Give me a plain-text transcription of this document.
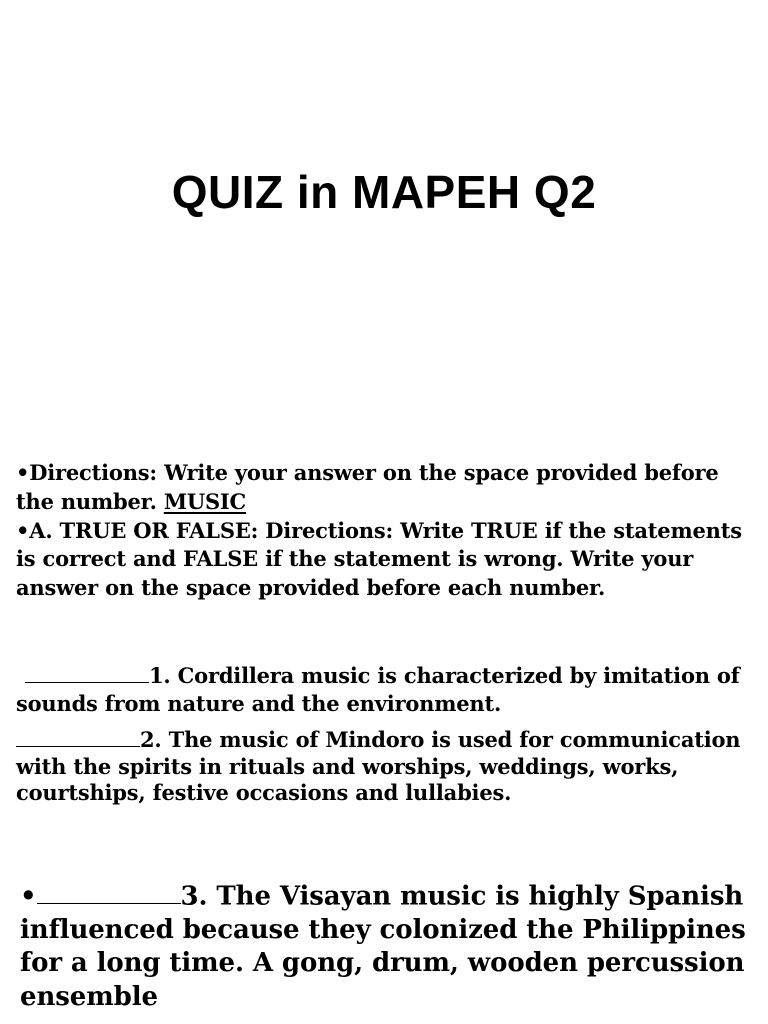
QUIZ in MAPEH Q2

•Directions: Write your answer on the space provided before the number. MUSIC

•A. TRUE OR FALSE: Directions: Write TRUE if the statements is correct and FALSE if the statement is wrong. Write your answer on the space provided before each number.

1. Cordillera music is characterized by imitation of sounds from nature and the environment.

2. The music of Mindoro is used for communication with the spirits in rituals and worships, weddings, works, courtships, festive occasions and lullabies.

•	3. The Visayan music is highly Spanish influenced because they colonized the Philippines for a long time. A gong, drum, wooden percussion ensemble
